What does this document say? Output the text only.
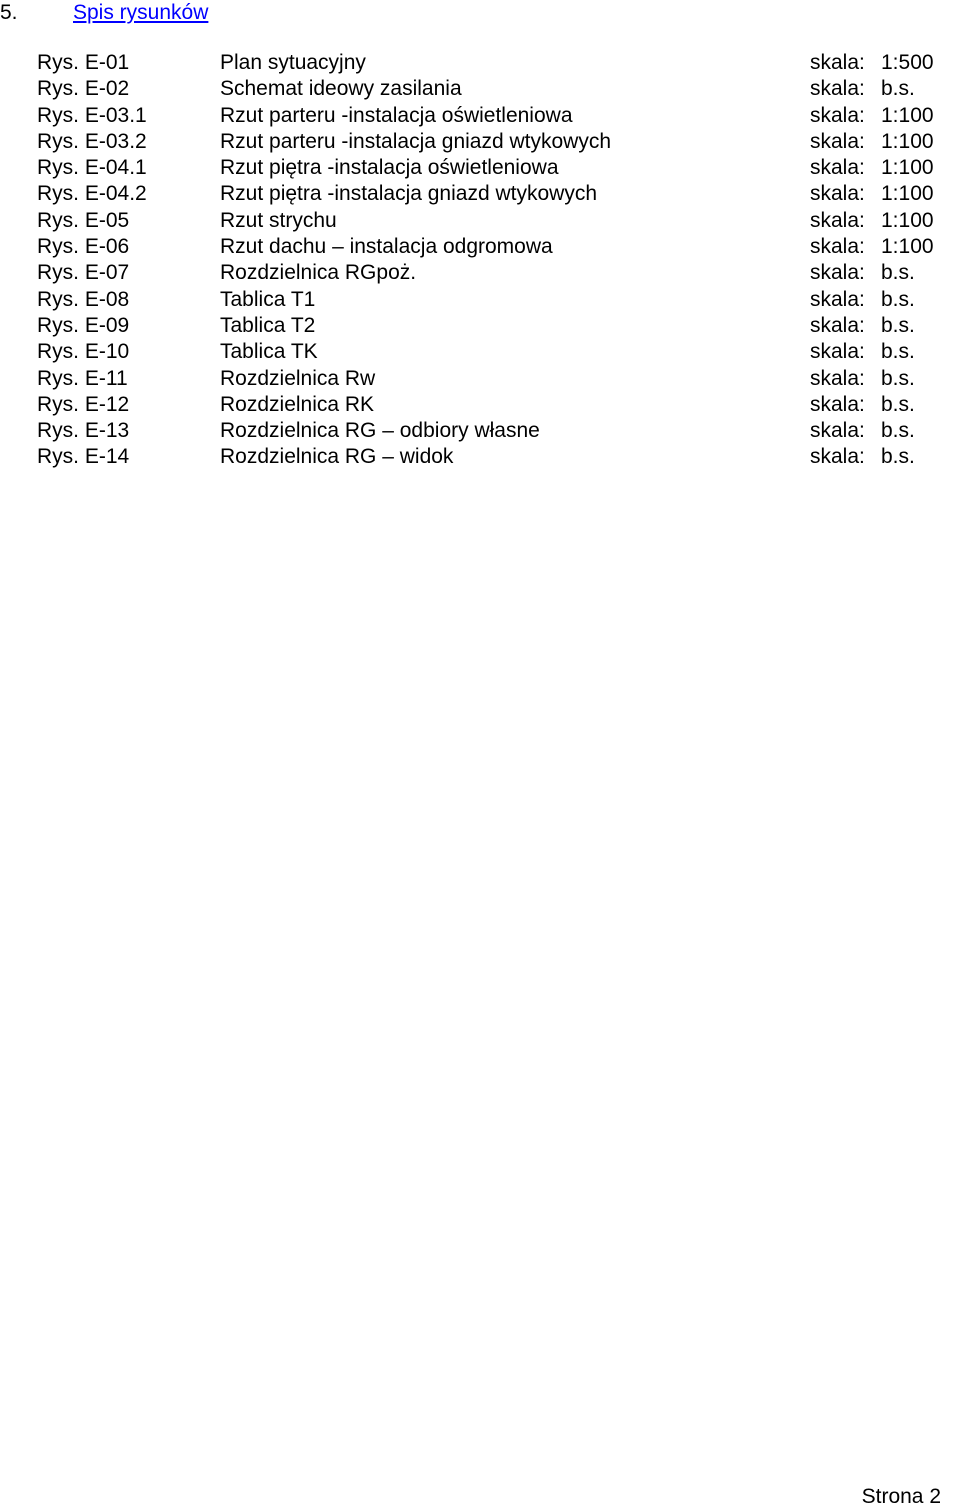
5.	Spis rysunków
Rys. E-01	Plan sytuacyjny	skala: 1:500
Rys. E-02	Schemat ideowy zasilania	skala: b.s.
Rys. E-03.1	Rzut parteru -instalacja oświetleniowa	skala: 1:100
Rys. E-03.2	Rzut parteru -instalacja gniazd wtykowych	skala: 1:100
Rys. E-04.1	Rzut piętra -instalacja oświetleniowa	skala: 1:100
Rys. E-04.2	Rzut piętra -instalacja gniazd wtykowych	skala: 1:100
Rys. E-05	Rzut strychu	skala: 1:100
Rys. E-06	Rzut dachu – instalacja odgromowa	skala: 1:100
Rys. E-07	Rozdzielnica RGpoż.	skala: b.s.
Rys. E-08	Tablica T1	skala: b.s.
Rys. E-09	Tablica T2	skala: b.s.
Rys. E-10	Tablica TK	skala: b.s.
Rys. E-11	Rozdzielnica Rw	skala: b.s.
Rys. E-12	Rozdzielnica RK	skala: b.s.
Rys. E-13	Rozdzielnica RG – odbiory własne	skala: b.s.
Rys. E-14	Rozdzielnica RG – widok	skala: b.s.
Strona 2
